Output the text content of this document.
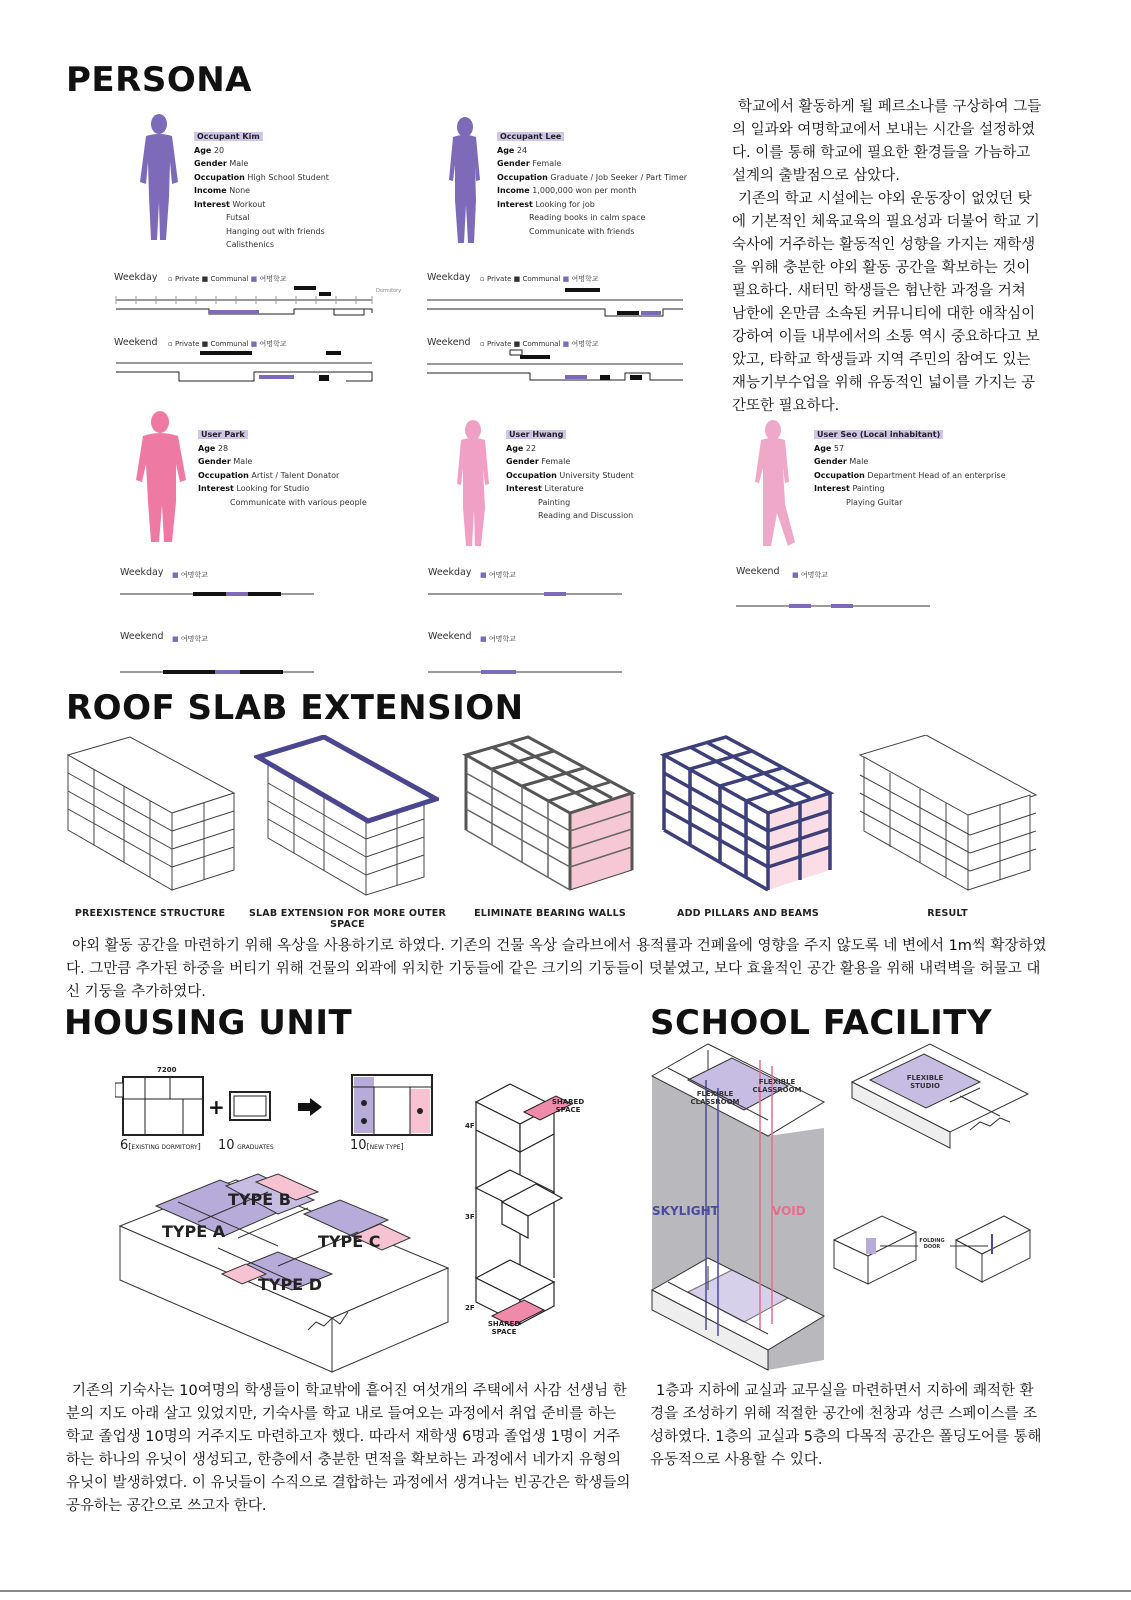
PERSONA

학교에서 활동하게 될 페르소나를 구상하여 그들의 일과와 여명학교에서 보내는 시간을 설정하였다. 이를 통해 학교에 필요한 환경들을 가늠하고 설계의 출발점으로 삼았다.

기존의 학교 시설에는 야외 운동장이 없었던 탓에 기본적인 체육교육의 필요성과 더불어 학교 기숙사에 거주하는 활동적인 성향을 가지는 재학생을 위해 충분한 야외 활동 공간을 확보하는 것이 필요하다. 새터민 학생들은 험난한 과정을 거쳐 남한에 온만큼 소속된 커뮤니티에 대한 애착심이 강하여 이들 내부에서의 소통 역시 중요하다고 보았고, 타학교 학생들과 지역 주민의 참여도 있는 재능기부수업을 위해 유동적인 넓이를 가지는 공간또한 필요하다.

Occupant Kim
Age 20
Gender Male
Occupation High School Student
Income None
Interest Workout
Futsal
Hanging out with friends
Calisthenics
Occupant Lee
Age 24
Gender Female
Occupation Graduate / Job Seeker / Part Timer
Income 1,000,000 won per month
Interest Looking for job
Reading books in calm space
Communicate with friends
Weekday ▫ Private ■ Communal ■ 여명학교
Dormitory
Weekend ▫ Private ■ Communal ■ 여명학교
Weekday ▫ Private ■ Communal ■ 여명학교
Weekend ▫ Private ■ Communal ■ 여명학교
User Park
Age 28
Gender Male
Occupation Artist / Talent Donator
Interest Looking for Studio
Communicate with various people
User Hwang
Age 22
Gender Female
Occupation University Student
Interest Literature
Painting
Reading and Discussion
User Seo (Local inhabitant)
Age 57
Gender Male
Occupation Department Head of an enterprise
Interest Painting
Playing Guitar
Weekday ■ 여명학교
Weekend ■ 여명학교
Weekday ■ 여명학교
Weekend ■ 여명학교
Weekend ■ 여명학교
ROOF SLAB EXTENSION
PREEXISTENCE STRUCTURE	SLAB EXTENSION FOR MORE OUTER SPACE
ELIMINATE BEARING WALLS	ADD PILLARS AND BEAMS	RESULT

야외 활동 공간을 마련하기 위해 옥상을 사용하기로 하였다. 기존의 건물 옥상 슬라브에서 용적률과 건폐율에 영향을 주지 않도록 네 변에서 1m씩 확장하였다. 그만큼 추가된 하중을 버티기 위해 건물의 외곽에 위치한 기둥들에 같은 크기의 기둥들이 덧붙였고, 보다 효율적인 공간 활용을 위해 내력벽을 허물고 대신 기둥을 추가하였다.

HOUSING UNIT
7200
+
6[EXISTING DORMITORY] 10 GRADUATES	10[NEW TYPE]
TYPE A
TYPE B
TYPE C
TYPE D
SHARED SPACE
SHARED SPACE
4F
3F
2F

기존의 기숙사는 10여명의 학생들이 학교밖에 흩어진 여섯개의 주택에서 사감 선생님 한분의 지도 아래 살고 있었지만, 기숙사를 학교 내로 들여오는 과정에서 취업 준비를 하는 학교 졸업생 10명의 거주지도 마련하고자 했다. 따라서 재학생 6명과 졸업생 1명이 거주하는 하나의 유닛이 생성되고, 한층에서 충분한 면적을 확보하는 과정에서 네가지 유형의 유닛이 발생하였다. 이 유닛들이 수직으로 결합하는 과정에서 생겨나는 빈공간은 학생들의 공유하는 공간으로 쓰고자 한다.

SCHOOL FACILITY
FLEXIBLE CLASSROOM
FLEXIBLE CLASSROOM
SKYLIGHT	VOID
FLEXIBLE STUDIO
FOLDING DOOR

1층과 지하에 교실과 교무실을 마련하면서 지하에 쾌적한 환경을 조성하기 위해 적절한 공간에 천창과 성큰 스페이스를 조성하였다. 1층의 교실과 5층의 다목적 공간은 폴딩도어를 통해 유동적으로 사용할 수 있다.
